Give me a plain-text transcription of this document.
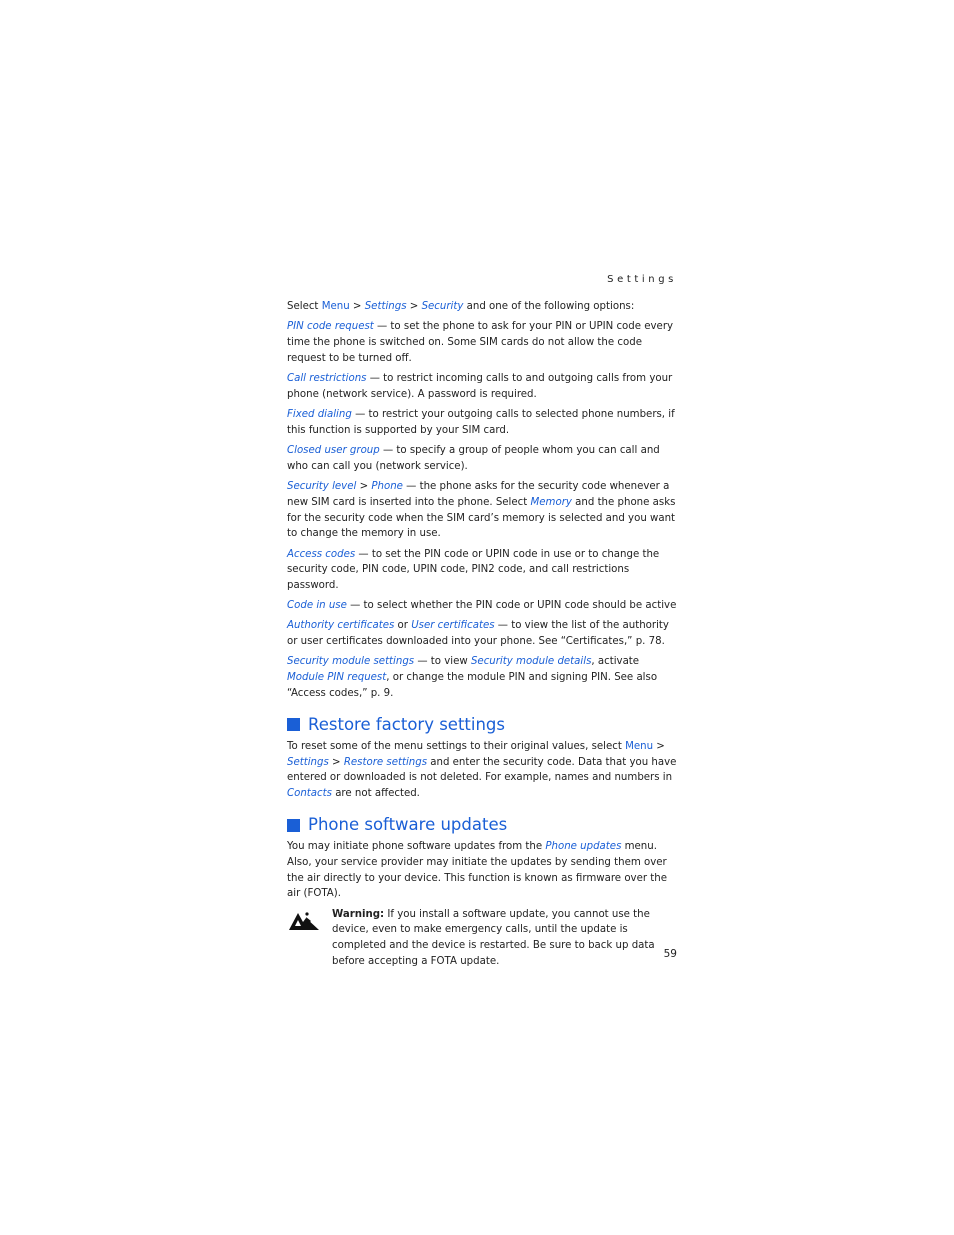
Settings

Select Menu > Settings > Security and one of the following options:

PIN code request — to set the phone to ask for your PIN or UPIN code every time the phone is switched on. Some SIM cards do not allow the code request to be turned off.

Call restrictions — to restrict incoming calls to and outgoing calls from your phone (network service). A password is required.

Fixed dialing — to restrict your outgoing calls to selected phone numbers, if this function is supported by your SIM card.

Closed user group — to specify a group of people whom you can call and who can call you (network service).

Security level > Phone — the phone asks for the security code whenever a new SIM card is inserted into the phone. Select Memory and the phone asks for the security code when the SIM card’s memory is selected and you want to change the memory in use.

Access codes — to set the PIN code or UPIN code in use or to change the security code, PIN code, UPIN code, PIN2 code, and call restrictions password.

Code in use — to select whether the PIN code or UPIN code should be active

Authority certificates or User certificates — to view the list of the authority or user certificates downloaded into your phone. See “Certificates,” p. 78.

Security module settings — to view Security module details, activate Module PIN request, or change the module PIN and signing PIN. See also “Access codes,” p. 9.

Restore factory settings

To reset some of the menu settings to their original values, select Menu > Settings > Restore settings and enter the security code. Data that you have entered or downloaded is not deleted. For example, names and numbers in Contacts are not affected.

Phone software updates

You may initiate phone software updates from the Phone updates menu. Also, your service provider may initiate the updates by sending them over the air directly to your device. This function is known as firmware over the air (FOTA).

Warning: If you install a software update, you cannot use the device, even to make emergency calls, until the update is completed and the device is restarted. Be sure to back up data before accepting a FOTA update.
59
